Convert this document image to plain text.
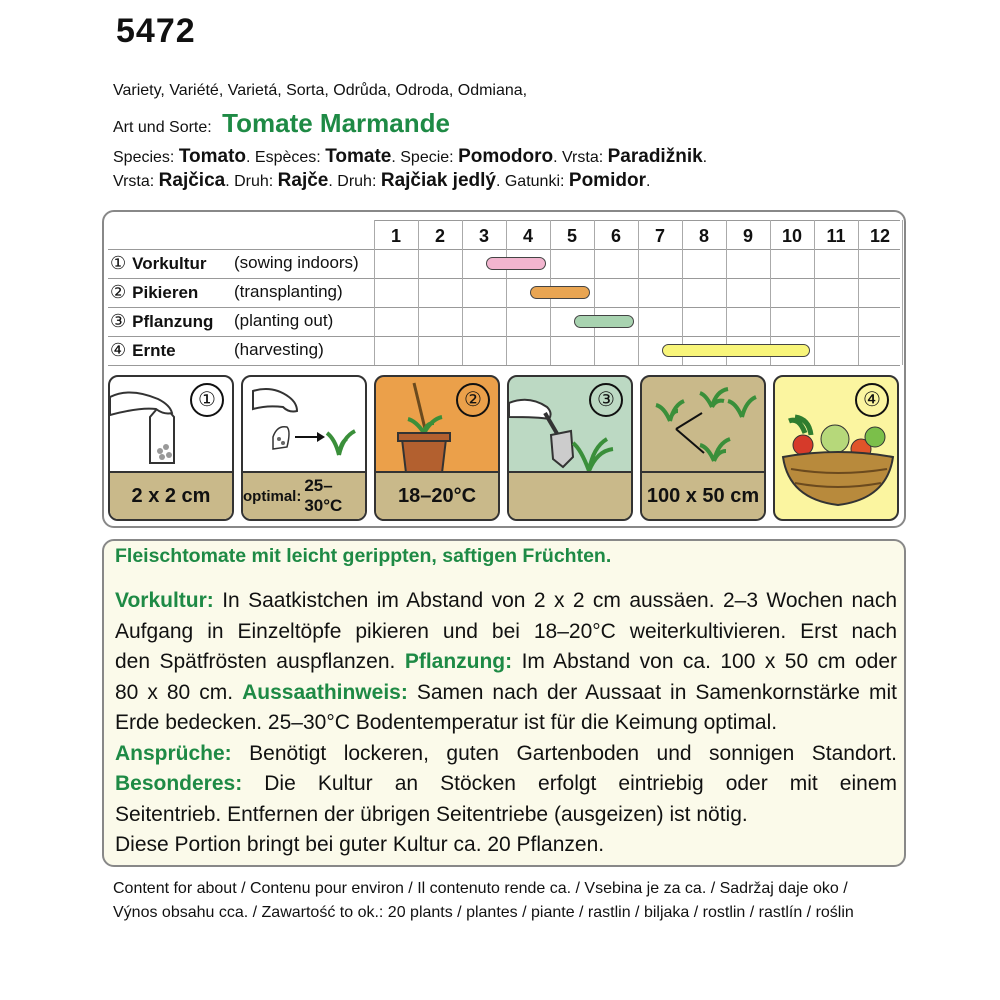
5472
Variety, Variété, Varietá, Sorta, Odrůda, Odroda, Odmiana,
Art und Sorte: Tomate Marmande
Species: Tomato. Espèces: Tomate. Specie: Pomodoro. Vrsta: Paradižnik.
Vrsta: Rajčica. Druh: Rajče. Druh: Rajčiak jedlý. Gatunki: Pomidor.
1	2	3	4	5	6	7	8	9	10	11	12
① Vorkultur (sowing indoors)
② Pikieren (transplanting)
③ Pflanzung (planting out)
④ Ernte	(harvesting)
①
2 x 2 cm	optimal:
25–30°C
②
18–20°C
③
100 x 50 cm
④
Fleischtomate mit leicht gerippten, saftigen Früchten.
Vorkultur: In Saatkistchen im Abstand von 2 x 2 cm aussäen. 2–3 Wochen nach
Aufgang in Einzeltöpfe pikieren und bei 18–20°C weiterkultivieren. Erst nach
den Spätfrösten auspflanzen. Pflanzung: Im Abstand von ca. 100 x 50 cm oder
80 x 80 cm. Aussaathinweis: Samen nach der Aussaat in Samenkornstärke mit
Erde bedecken. 25–30°C Bodentemperatur ist für die Keimung optimal.
Ansprüche: Benötigt lockeren, guten Gartenboden und sonnigen Standort.
Besonderes: Die Kultur an Stöcken erfolgt eintriebig oder mit einem
Seitentrieb. Entfernen der übrigen Seitentriebe (ausgeizen) ist nötig.
Diese Portion bringt bei guter Kultur ca. 20 Pflanzen.
Content for about / Contenu pour environ / Il contenuto rende ca. / Vsebina je za ca. / Sadržaj daje oko /
Výnos obsahu cca. / Zawartość to ok.: 20 plants / plantes / piante / rastlin / biljaka / rostlin / rastlín / roślin
